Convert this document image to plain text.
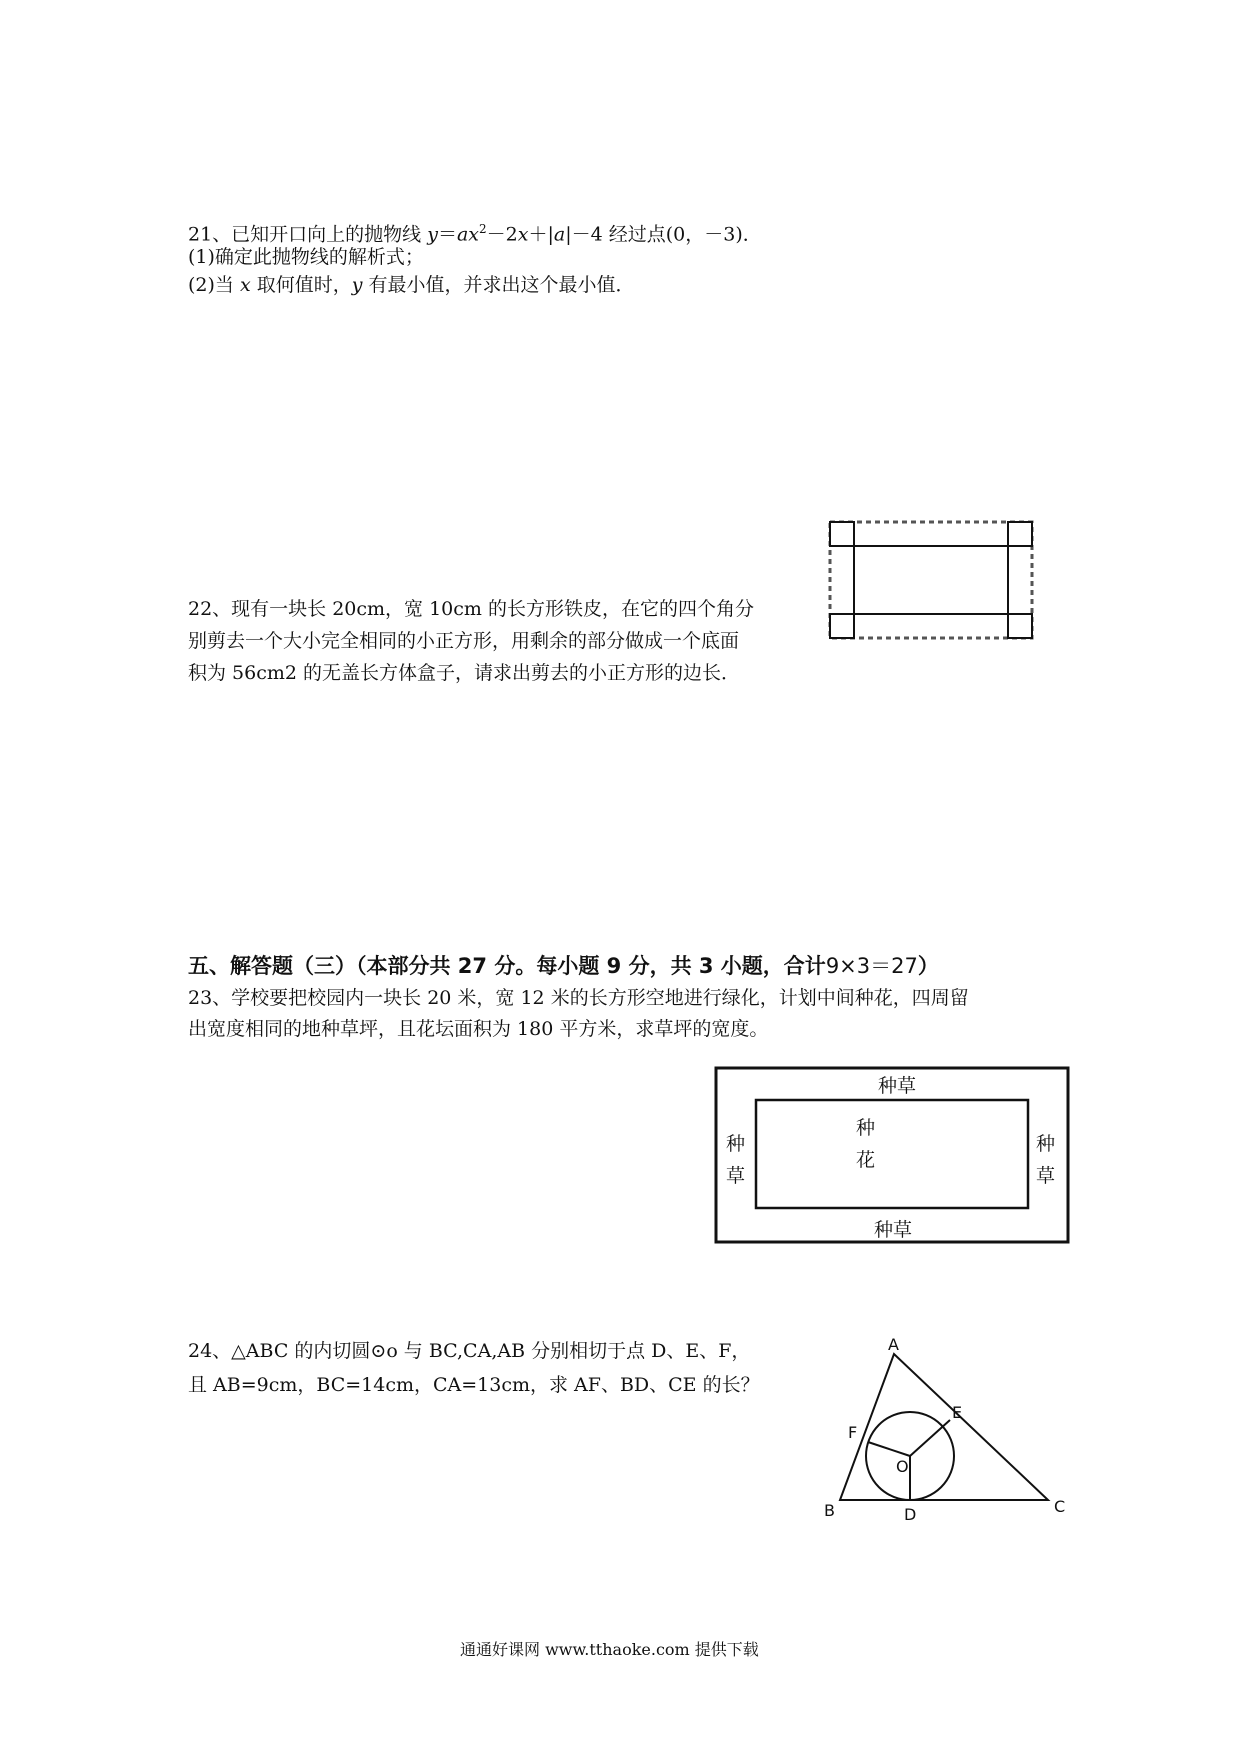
21、已知开口向上的抛物线 $y=ax^2-2x+|a|-4$ 经过点(0，－3)．
(1)确定此抛物线的解析式；
(2)当 x 取何值时，y 有最小值，并求出这个最小值．
22、现有一块长 20cm，宽 10cm 的长方形铁皮，在它的四个角分
别剪去一个大小完全相同的小正方形，用剩余的部分做成一个底面
积为 56cm2 的无盖长方体盒子，请求出剪去的小正方形的边长．
五、解答题（三）（本部分共 27 分。每小题 9 分，共 3 小题，合计9×3＝27）
23、学校要把校园内一块长 20 米，宽 12 米的长方形空地进行绿化，计划中间种花，四周留
出宽度相同的地种草坪，且花坛面积为 180 平方米，求草坪的宽度。
种草
种草
种
草
种
草
种
花
24、△ABC 的内切圆⊙o 与 BC,CA,AB 分别相切于点 D、E、F，
且 AB=9cm，BC=14cm，CA=13cm，求 AF、BD、CE 的长？
A
B	C
D
E
F
O
通通好课网 www.tthaoke.com 提供下载
